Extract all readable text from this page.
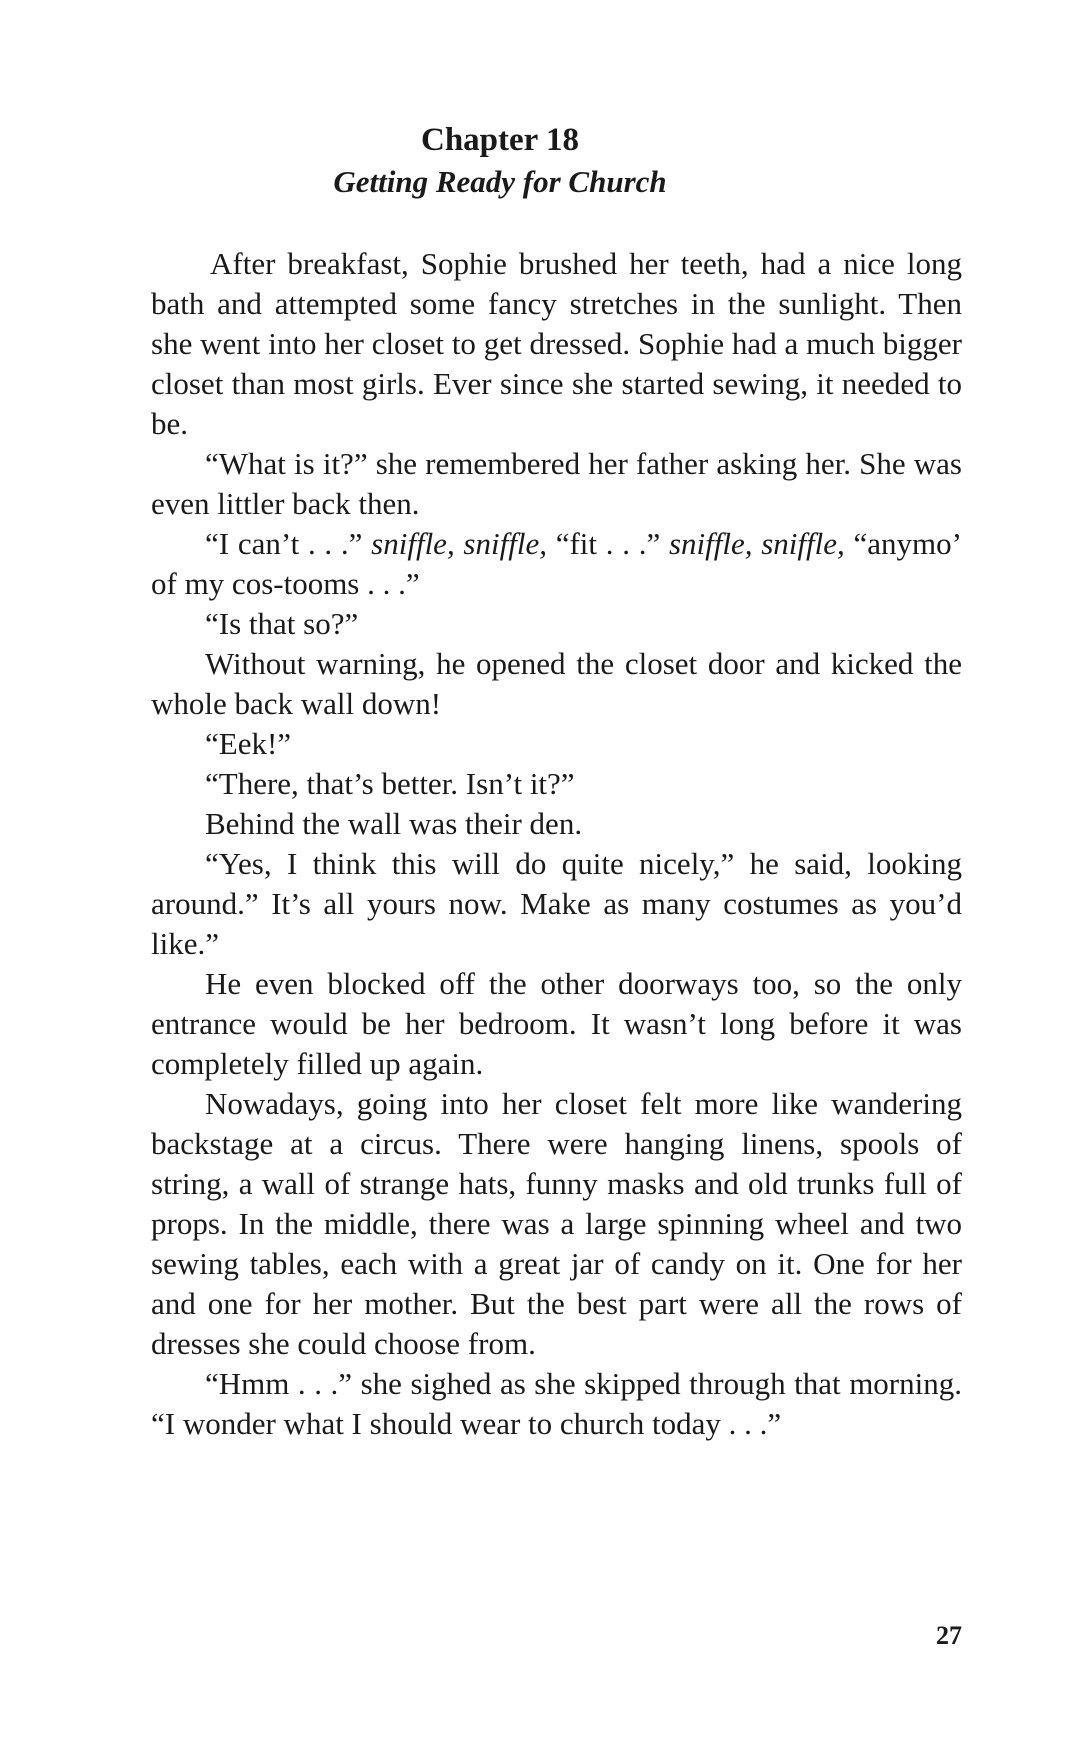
Chapter 18
Getting Ready for Church

After breakfast, Sophie brushed her teeth, had a nice long bath and attempted some fancy stretches in the sunlight. Then she went into her closet to get dressed. Sophie had a much bigger closet than most girls. Ever since she started sewing, it needed to be.

“What is it?” she remembered her father asking her. She was even littler back then.

“I can’t . . .” sniffle, sniffle, “fit . . .” sniffle, sniffle, “anymo’ of my cos-tooms . . .”

“Is that so?”

Without warning, he opened the closet door and kicked the whole back wall down!

“Eek!”

“There, that’s better. Isn’t it?”

Behind the wall was their den.

“Yes, I think this will do quite nicely,” he said, looking around.” It’s all yours now. Make as many costumes as you’d like.”

He even blocked off the other doorways too, so the only entrance would be her bedroom. It wasn’t long before it was completely filled up again.

Nowadays, going into her closet felt more like wandering backstage at a circus. There were hanging linens, spools of string, a wall of strange hats, funny masks and old trunks full of props. In the middle, there was a large spinning wheel and two sewing tables, each with a great jar of candy on it. One for her and one for her mother. But the best part were all the rows of dresses she could choose from.

“Hmm . . .” she sighed as she skipped through that morning. “I wonder what I should wear to church today . . .”

27
